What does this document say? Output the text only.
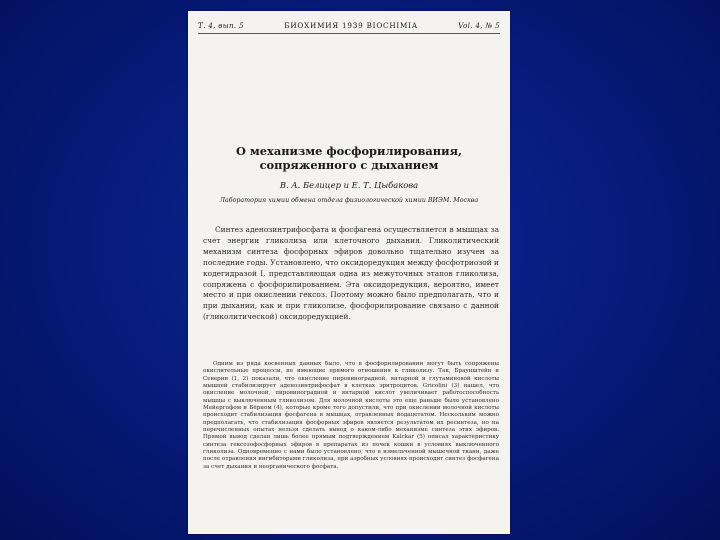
Т. 4, вып. 5	БИОХИМИЯ 1939 BIOCHIMIA	Vol. 4, № 5
О механизме фосфорилирования, сопряженного с дыханием
В. А. Белицер и Е. Т. Цыбакова
Лаборатория химии обмена отдела физиологической химии ВИЭМ. Москва

Синтез аденозинтрифосфата и фосфагена осуществляется в мышцах за счет энергии гликолиза или клеточного дыхания. Гликолитический механизм синтеза фосфорных эфиров довольно тщательно изучен за последние годы. Установлено, что оксидоредукция между фосфотриозой и кодегидразой I, представляющая одна из межуточных этапов гликолиза, сопряжена с фосфорилированием. Эта оксидоредукция, вероятно, имеет место и при окислении гексоз. Поэтому можно было предполагать, что и при дыхании, как и при гликолизе, фосфорилирование связано с данной (гликолитической) оксидоредукцией.

Одним из ряда косвенных данных было, что в фосфорилировании могут быть сопряжены окислительные процессы, не имеющие прямого отношения к гликолизу. Так, Браунштейн и Северин (1, 2) показали, что окисление пировиноградной, янтарной и глутаминовой кислоты мышцей стабилизирует аденозинтрифосфат в клетках эритроцитов. Gricolini (3) нашел, что окисление молочной, пировиноградной и янтарной кислот увеличивает работоспособность мышцы с выключенным гликолизом. Для молочной кислоты это еще раньше было установлено Мейергофом и Бёрном (4), которые кроме того допустили, что при окислении молочной кислоты происходит стабилизация фосфагена в мышцах, отравленных йодацетатом. Нескольким можно предполагать, что стабилизация фосфорных эфиров является результатом их ресинтеза, но на перечисленных опытах нельзя сделать вывод о каком-либо механизме синтеза этих эфиров. Прямой вывод сделан лишь более прямым подтверждением Kalckar (5) описал характеристику синтеза гексозофосфорных эфиров в препаратах из почек кошки в условиях выключенного гликолиза. Одновременно с нами было установлено, что в измельченной мышечной ткани, даже после отравления ингибиторами гликолиза, при аэробных условиях происходит синтез фосфагена за счет дыхания и неорганического фосфата.
